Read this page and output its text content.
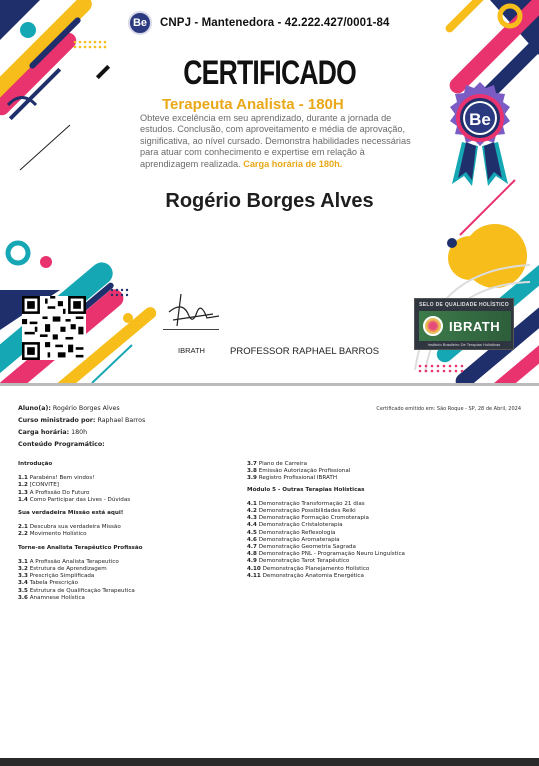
Be CNPJ - Mantenedora - 42.222.427/0001-84
CERTIFICADO
Terapeuta Analista - 180H
Obteve excelência em seu aprendizado, durante a jornada de estudos. Conclusão, com aproveitamento e média de aprovação, significativa, ao nível cursado. Demonstra habilidades necessárias para atuar com conhecimento e expertise em relação à aprendizagem realizada. Carga horária de 180h.
Rogério Borges Alves
Be
IBRATH	PROFESSOR RAPHAEL BARROS
SELO DE QUALIDADE HOLÍSTICO
IBRATH
Instituto Brasileiro De Terapias Holísticas
Aluno(a): Rogério Borges Alves	Certificado emitido em: São Roque - SP, 28 de Abril, 2024
Curso ministrado por: Raphael Barros
Carga horária: 180h
Conteúdo Programático:
Introdução
1.1 Parabéns! Bem vindos!
1.2 [CONVITE]
1.3 A Profissão Do Futuro
1.4 Como Participar das Lives - Dúvidas
Sua verdadeira Missão está aqui!
2.1 Descubra sua verdadeira Missão
2.2 Movimento Holístico
Torne-se Analista Terapêutico Profissão
3.1 A Profissão Analista Terapeutico
3.2 Estrutura de Aprendizagem
3.3 Prescrição Simplificada
3.4 Tabela Prescrição
3.5 Estrutura de Qualificação Terapeutica
3.6 Anamnese Holística
3.7 Plano de Carreira
3.8 Emissão Autorização Profissional
3.9 Registro Profissional IBRATH
Módulo 5 - Outras Terapias Holísticas
4.1 Demonstração Transformação 21 dias
4.2 Demonstração Possibilidades Reiki
4.3 Demonstração Formação Cromoterapia
4.4 Demonstração Cristaloterapia
4.5 Demonstração Reflexologia
4.6 Demonstração Aromaterapia
4.7 Demonstração Geometria Sagrada
4.8 Demonstração PNL - Programação Neuro Linguística
4.9 Demonstração Tarot Terapêutico
4.10 Demonstração Planejamento Holístico
4.11 Demonstração Anatomia Energética
